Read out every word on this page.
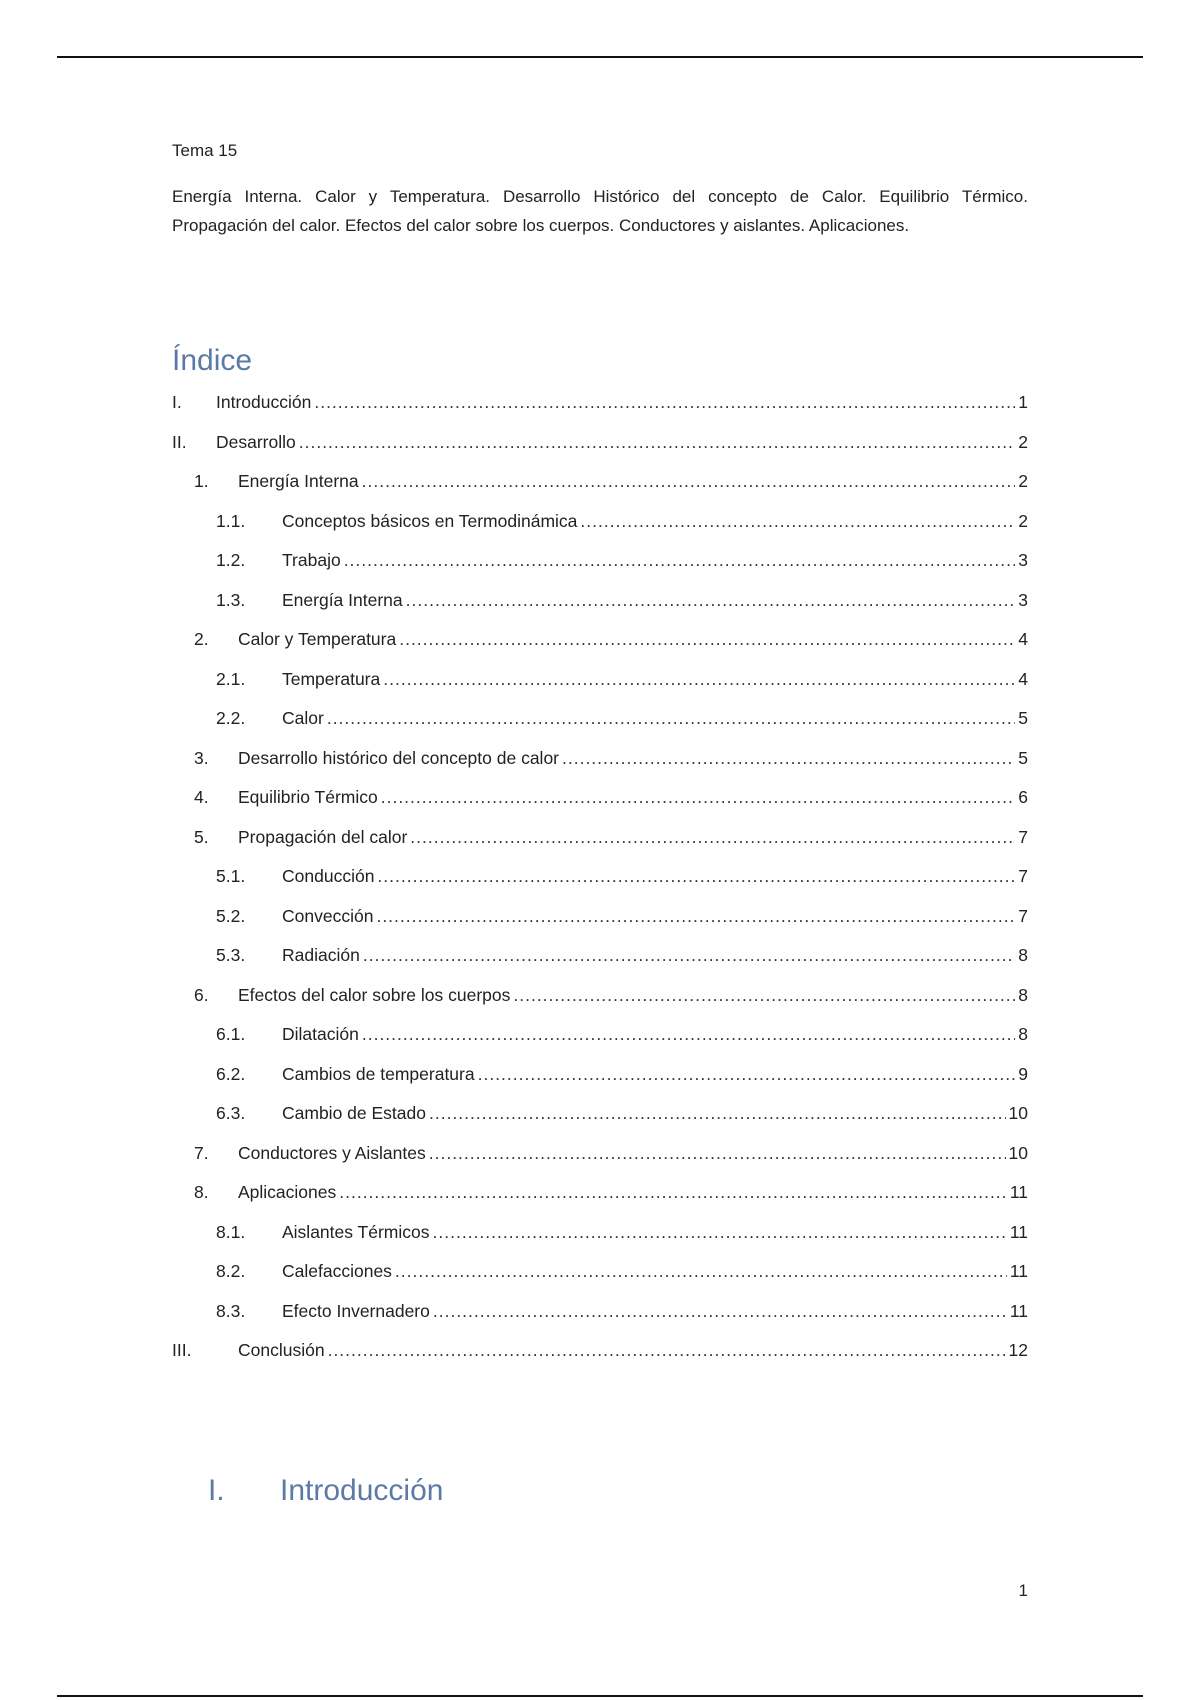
Tema 15

Energía Interna. Calor y Temperatura. Desarrollo Histórico del concepto de Calor. Equilibrio Térmico. Propagación del calor. Efectos del calor sobre los cuerpos. Conductores y aislantes. Aplicaciones.

Índice
I.	Introducción .....	1
II.	Desarrollo .....	2
1.	Energía Interna .....	2
1.1.	Conceptos básicos en Termodinámica .....	2
1.2.	Trabajo .....	3
1.3.	Energía Interna .....	3
2.	Calor y Temperatura .....	4
2.1.	Temperatura .....	4
2.2.	Calor .....	5
3.	Desarrollo histórico del concepto de calor .....	5
4.	Equilibrio Térmico .....	6
5.	Propagación del calor .....	7
5.1.	Conducción .....	7
5.2.	Convección .....	7
5.3.	Radiación .....	8
6.	Efectos del calor sobre los cuerpos .....	8
6.1.	Dilatación .....	8
6.2.	Cambios de temperatura .....	9
6.3.	Cambio de Estado .....	10
7.	Conductores y Aislantes .....	10
8.	Aplicaciones .....	11
8.1.	Aislantes Térmicos .....	11
8.2.	Calefacciones .....	11
8.3.	Efecto Invernadero .....	11
III.	Conclusión .....	12
I.	Introducción
1
